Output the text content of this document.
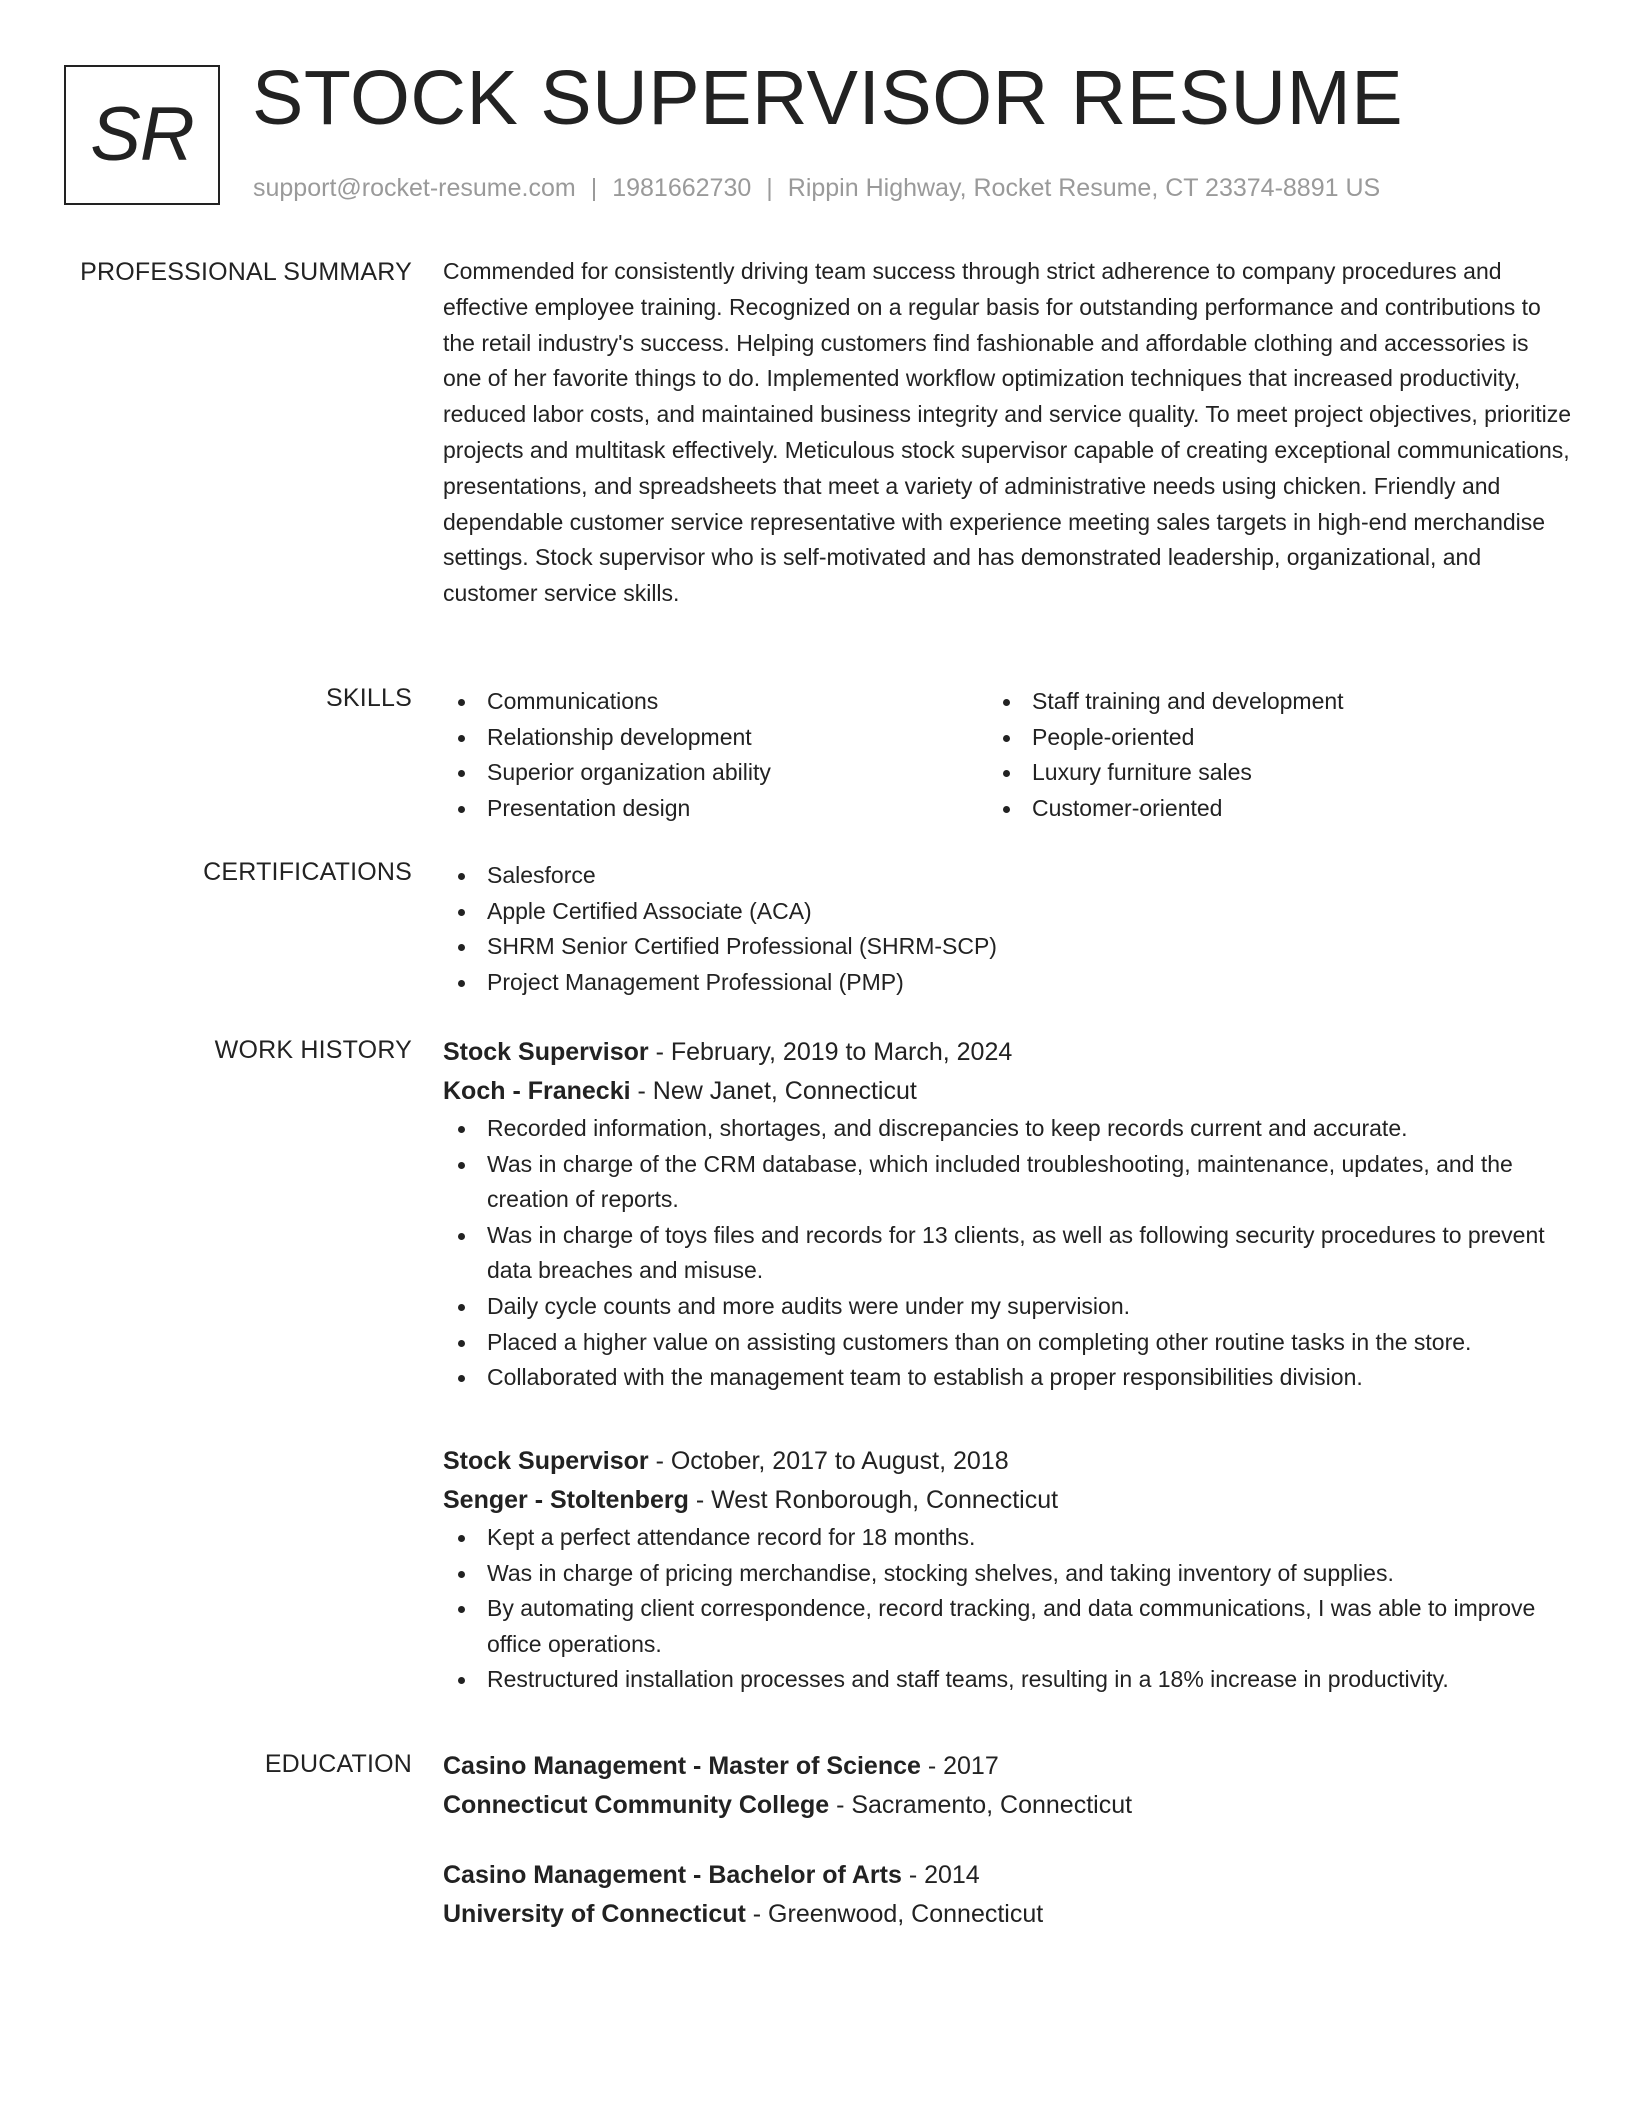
SR STOCK SUPERVISOR RESUME
support@rocket-resume.com | 1981662730 | Rippin Highway, Rocket Resume, CT 23374-8891 US
PROFESSIONAL SUMMARY Commended for consistently driving team success through strict adherence to company procedures and effective employee training. Recognized on a regular basis for outstanding performance and contributions to the retail industry's success. Helping customers find fashionable and affordable clothing and accessories is one of her favorite things to do. Implemented workflow optimization techniques that increased productivity, reduced labor costs, and maintained business integrity and service quality. To meet project objectives, prioritize projects and multitask effectively. Meticulous stock supervisor capable of creating exceptional communications, presentations, and spreadsheets that meet a variety of administrative needs using chicken. Friendly and dependable customer service representative with experience meeting sales targets in high-end merchandise settings. Stock supervisor who is self-motivated and has demonstrated leadership, organizational, and customer service skills.

SKILLS	Communications
Relationship development
Superior organization ability
Presentation design
Staff training and development
People-oriented
Luxury furniture sales
Customer-oriented
CERTIFICATIONS	Salesforce
Apple Certified Associate (ACA)
SHRM Senior Certified Professional (SHRM-SCP)
Project Management Professional (PMP)
WORK HISTORY Stock Supervisor - February, 2019 to March, 2024
Koch - Franecki - New Janet, Connecticut
Recorded information, shortages, and discrepancies to keep records current and accurate.
Was in charge of the CRM database, which included troubleshooting, maintenance, updates, and the creation of reports.
Was in charge of toys files and records for 13 clients, as well as following security procedures to prevent data breaches and misuse.
Daily cycle counts and more audits were under my supervision.
Placed a higher value on assisting customers than on completing other routine tasks in the store.
Collaborated with the management team to establish a proper responsibilities division.
Stock Supervisor - October, 2017 to August, 2018
Senger - Stoltenberg - West Ronborough, Connecticut
Kept a perfect attendance record for 18 months.
Was in charge of pricing merchandise, stocking shelves, and taking inventory of supplies.
By automating client correspondence, record tracking, and data communications, I was able to improve office operations.
Restructured installation processes and staff teams, resulting in a 18% increase in productivity.
EDUCATION Casino Management - Master of Science - 2017
Connecticut Community College - Sacramento, Connecticut
Casino Management - Bachelor of Arts - 2014
University of Connecticut - Greenwood, Connecticut
